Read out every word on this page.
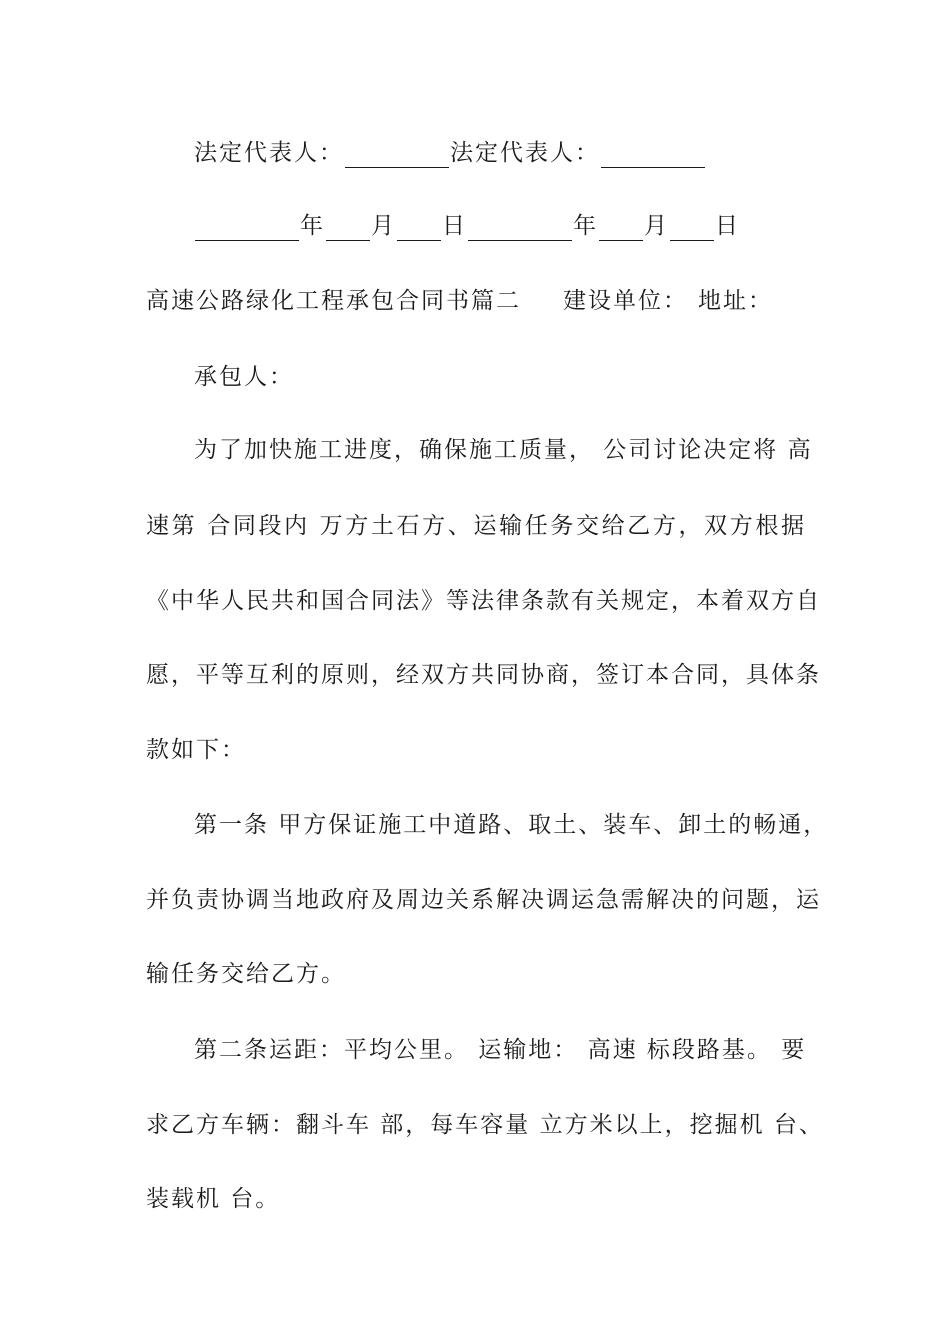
法定代表人：	法定代表人：
年 月 日	年 月 日
高速公路绿化工程承包合同书篇二 建设单位： 地址：
承包人：
为了加快施工进度，确保施工质量， 公司讨论决定将 高
速第 合同段内 万方土石方、运输任务交给乙方，双方根据
《中华人民共和国合同法》等法律条款有关规定，本着双方自
愿，平等互利的原则，经双方共同协商，签订本合同，具体条
款如下：
第一条 甲方保证施工中道路、取土、装车、卸土的畅通，
并负责协调当地政府及周边关系解决调运急需解决的问题，运
输任务交给乙方。
第二条运距：平均公里。 运输地： 高速 标段路基。 要
求乙方车辆：翻斗车 部，每车容量 立方米以上，挖掘机 台、
装载机 台。
